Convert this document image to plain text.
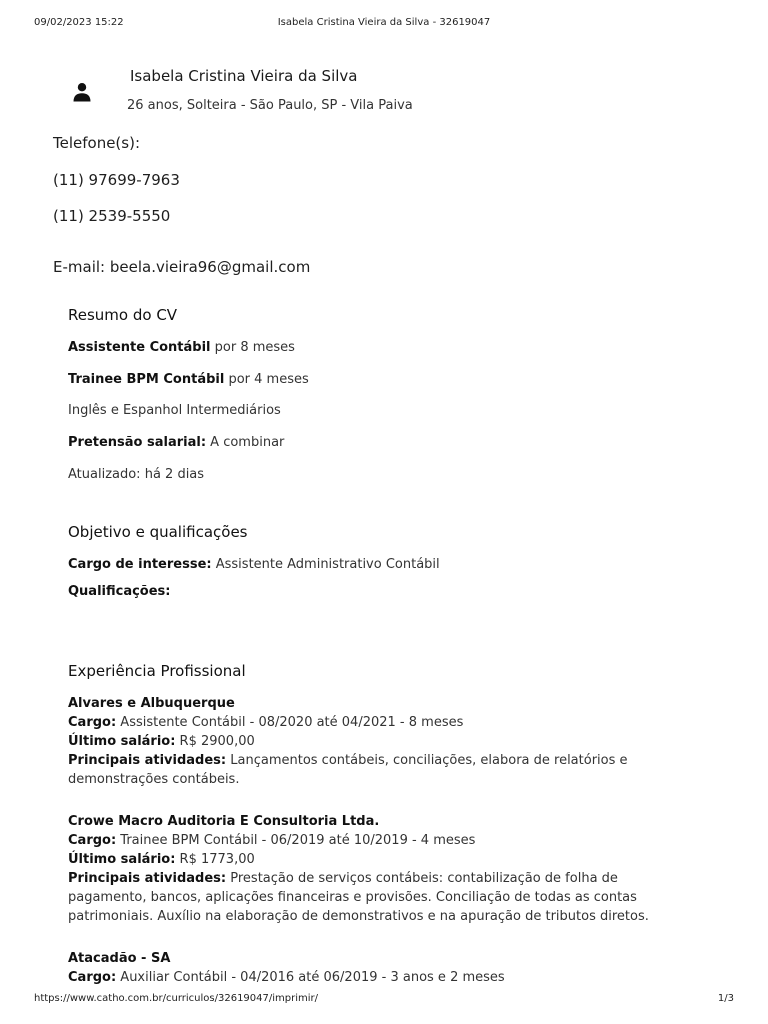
Isabela Cristina Vieira da Silva - 32619047
09/02/2023 15:22
Isabela Cristina Vieira da Silva
26 anos, Solteira - São Paulo, SP - Vila Paiva
Telefone(s):
(11) 97699-7963
(11) 2539-5550
E-mail: beela.vieira96@gmail.com
Resumo do CV
Assistente Contábil por 8 meses
Trainee BPM Contábil por 4 meses
Inglês e Espanhol Intermediários
Pretensão salarial: A combinar
Atualizado: há 2 dias
Objetivo e qualificações
Cargo de interesse: Assistente Administrativo Contábil
Qualificações:
Experiência Profissional
Alvares e Albuquerque
Cargo: Assistente Contábil - 08/2020 até 04/2021 - 8 meses
Último salário: R$ 2900,00
Principais atividades: Lançamentos contábeis, conciliações, elabora de relatórios e demonstrações contábeis.
Crowe Macro Auditoria E Consultoria Ltda.
Cargo: Trainee BPM Contábil - 06/2019 até 10/2019 - 4 meses
Último salário: R$ 1773,00
Principais atividades: Prestação de serviços contábeis: contabilização de folha de pagamento, bancos, aplicações financeiras e provisões. Conciliação de todas as contas patrimoniais. Auxílio na elaboração de demonstrativos e na apuração de tributos diretos.
Atacadão - SA
Cargo: Auxiliar Contábil - 04/2016 até 06/2019 - 3 anos e 2 meses
https://www.catho.com.br/curriculos/32619047/imprimir/	1/3
